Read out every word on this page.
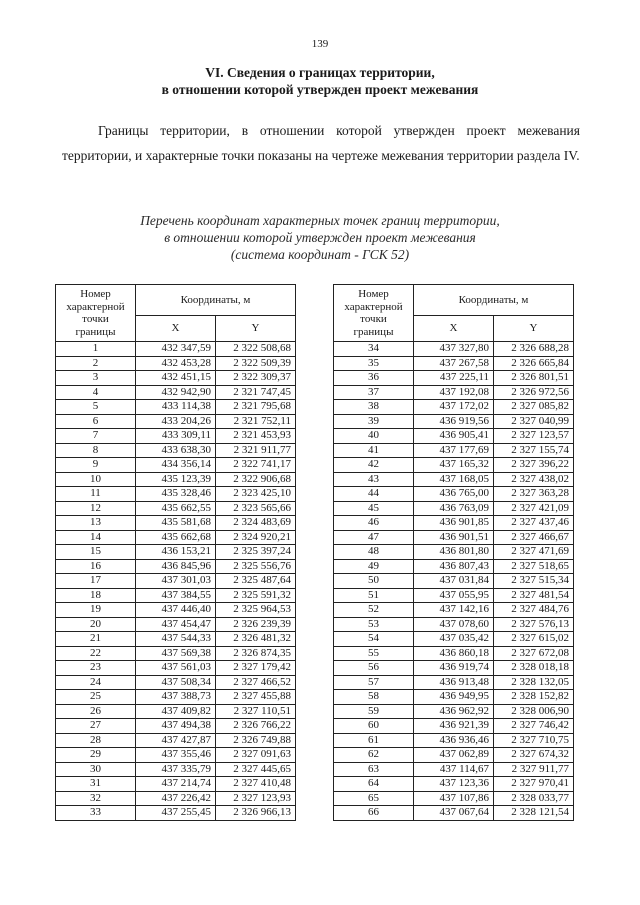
139
VI. Сведения о границах территории,
в отношении которой утвержден проект межевания
Границы территории, в отношении которой утвержден проект межевания территории, и характерные точки показаны на чертеже межевания территории раздела IV.
Перечень координат характерных точек границ территории,
в отношении которой утвержден проект межевания
(система координат - ГСК 52)
Номер
характерной
точки
границы	Координаты, м	
	X	Y
1	432 347,59	2 322 508,68
2	432 453,28	2 322 509,39
3	432 451,15	2 322 309,37
4	432 942,90	2 321 747,45
5	433 114,38	2 321 795,68
6	433 204,26	2 321 752,11
7	433 309,11	2 321 453,93
8	433 638,30	2 321 911,77
9	434 356,14	2 322 741,17
10	435 123,39	2 322 906,68
11	435 328,46	2 323 425,10
12	435 662,55	2 323 565,66
13	435 581,68	2 324 483,69
14	435 662,68	2 324 920,21
15	436 153,21	2 325 397,24
16	436 845,96	2 325 556,76
17	437 301,03	2 325 487,64
18	437 384,55	2 325 591,32
19	437 446,40	2 325 964,53
20	437 454,47	2 326 239,39
21	437 544,33	2 326 481,32
22	437 569,38	2 326 874,35
23	437 561,03	2 327 179,42
24	437 508,34	2 327 466,52
25	437 388,73	2 327 455,88
26	437 409,82	2 327 110,51
27	437 494,38	2 326 766,22
28	437 427,87	2 326 749,88
29	437 355,46	2 327 091,63
30	437 335,79	2 327 445,65
31	437 214,74	2 327 410,48
32	437 226,42	2 327 123,93
33	437 255,45	2 326 966,13
Номер
характерной
точки
границы	Координаты, м	
	X	Y
34	437 327,80	2 326 688,28
35	437 267,58	2 326 665,84
36	437 225,11	2 326 801,51
37	437 192,08	2 326 972,56
38	437 172,02	2 327 085,82
39	436 919,56	2 327 040,99
40	436 905,41	2 327 123,57
41	437 177,69	2 327 155,74
42	437 165,32	2 327 396,22
43	437 168,05	2 327 438,02
44	436 765,00	2 327 363,28
45	436 763,09	2 327 421,09
46	436 901,85	2 327 437,46
47	436 901,51	2 327 466,67
48	436 801,80	2 327 471,69
49	436 807,43	2 327 518,65
50	437 031,84	2 327 515,34
51	437 055,95	2 327 481,54
52	437 142,16	2 327 484,76
53	437 078,60	2 327 576,13
54	437 035,42	2 327 615,02
55	436 860,18	2 327 672,08
56	436 919,74	2 328 018,18
57	436 913,48	2 328 132,05
58	436 949,95	2 328 152,82
59	436 962,92	2 328 006,90
60	436 921,39	2 327 746,42
61	436 936,46	2 327 710,75
62	437 062,89	2 327 674,32
63	437 114,67	2 327 911,77
64	437 123,36	2 327 970,41
65	437 107,86	2 328 033,77
66	437 067,64	2 328 121,54
